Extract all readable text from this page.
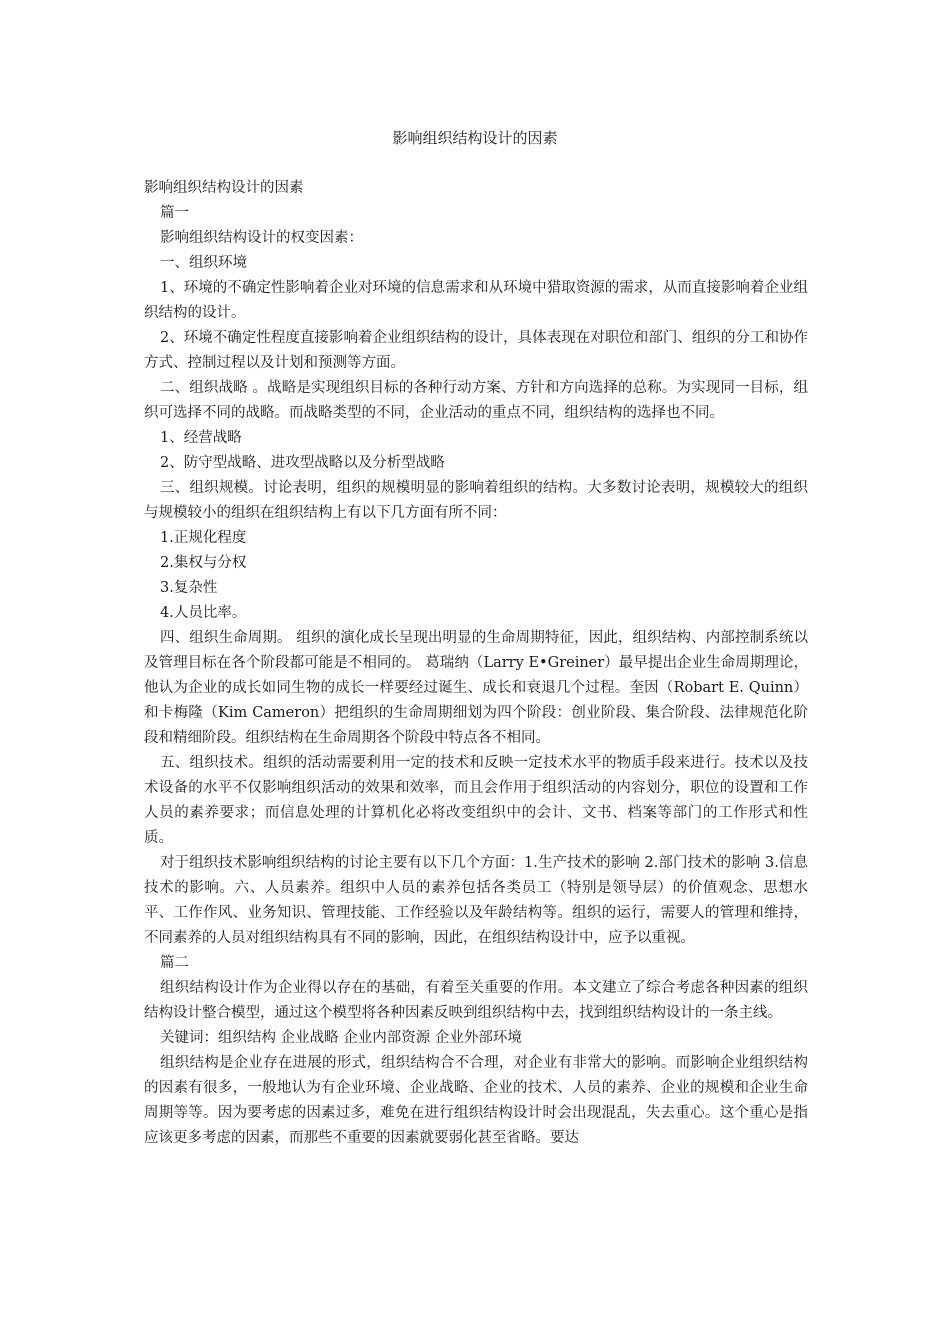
影响组织结构设计的因素

影响组织结构设计的因素

篇一

影响组织结构设计的权变因素：

一、组织环境

1、环境的不确定性影响着企业对环境的信息需求和从环境中猎取资源的需求，从而直接影响着企业组织结构的设计。

2、环境不确定性程度直接影响着企业组织结构的设计，具体表现在对职位和部门、组织的分工和协作方式、控制过程以及计划和预测等方面。

二、组织战略 。战略是实现组织目标的各种行动方案、方针和方向选择的总称。为实现同一目标，组织可选择不同的战略。而战略类型的不同，企业活动的重点不同，组织结构的选择也不同。

1、经营战略

2、防守型战略、进攻型战略以及分析型战略

三、组织规模。讨论表明，组织的规模明显的影响着组织的结构。大多数讨论表明，规模较大的组织与规模较小的组织在组织结构上有以下几方面有所不同：

1.正规化程度

2.集权与分权

3.复杂性

4.人员比率。

四、组织生命周期。 组织的演化成长呈现出明显的生命周期特征，因此，组织结构、内部控制系统以及管理目标在各个阶段都可能是不相同的。 葛瑞纳（Larry E•Greiner）最早提出企业生命周期理论，他认为企业的成长如同生物的成长一样要经过诞生、成长和衰退几个过程。奎因（Robart E. Quinn）和卡梅隆（Kim Cameron）把组织的生命周期细划为四个阶段：创业阶段、集合阶段、法律规范化阶段和精细阶段。组织结构在生命周期各个阶段中特点各不相同。

五、组织技术。组织的活动需要利用一定的技术和反映一定技术水平的物质手段来进行。技术以及技术设备的水平不仅影响组织活动的效果和效率，而且会作用于组织活动的内容划分，职位的设置和工作人员的素养要求；而信息处理的计算机化必将改变组织中的会计、文书、档案等部门的工作形式和性质。

对于组织技术影响组织结构的讨论主要有以下几个方面：1.生产技术的影响 2.部门技术的影响 3.信息技术的影响。六、人员素养。组织中人员的素养包括各类员工（特别是领导层）的价值观念、思想水平、工作作风、业务知识、管理技能、工作经验以及年龄结构等。组织的运行，需要人的管理和维持，不同素养的人员对组织结构具有不同的影响，因此，在组织结构设计中，应予以重视。

篇二

组织结构设计作为企业得以存在的基础，有着至关重要的作用。本文建立了综合考虑各种因素的组织结构设计整合模型，通过这个模型将各种因素反映到组织结构中去，找到组织结构设计的一条主线。

关键词：组织结构 企业战略 企业内部资源 企业外部环境

组织结构是企业存在进展的形式，组织结构合不合理，对企业有非常大的影响。而影响企业组织结构的因素有很多，一般地认为有企业环境、企业战略、企业的技术、人员的素养、企业的规模和企业生命周期等等。因为要考虑的因素过多，难免在进行组织结构设计时会出现混乱，失去重心。这个重心是指应该更多考虑的因素，而那些不重要的因素就要弱化甚至省略。要达
